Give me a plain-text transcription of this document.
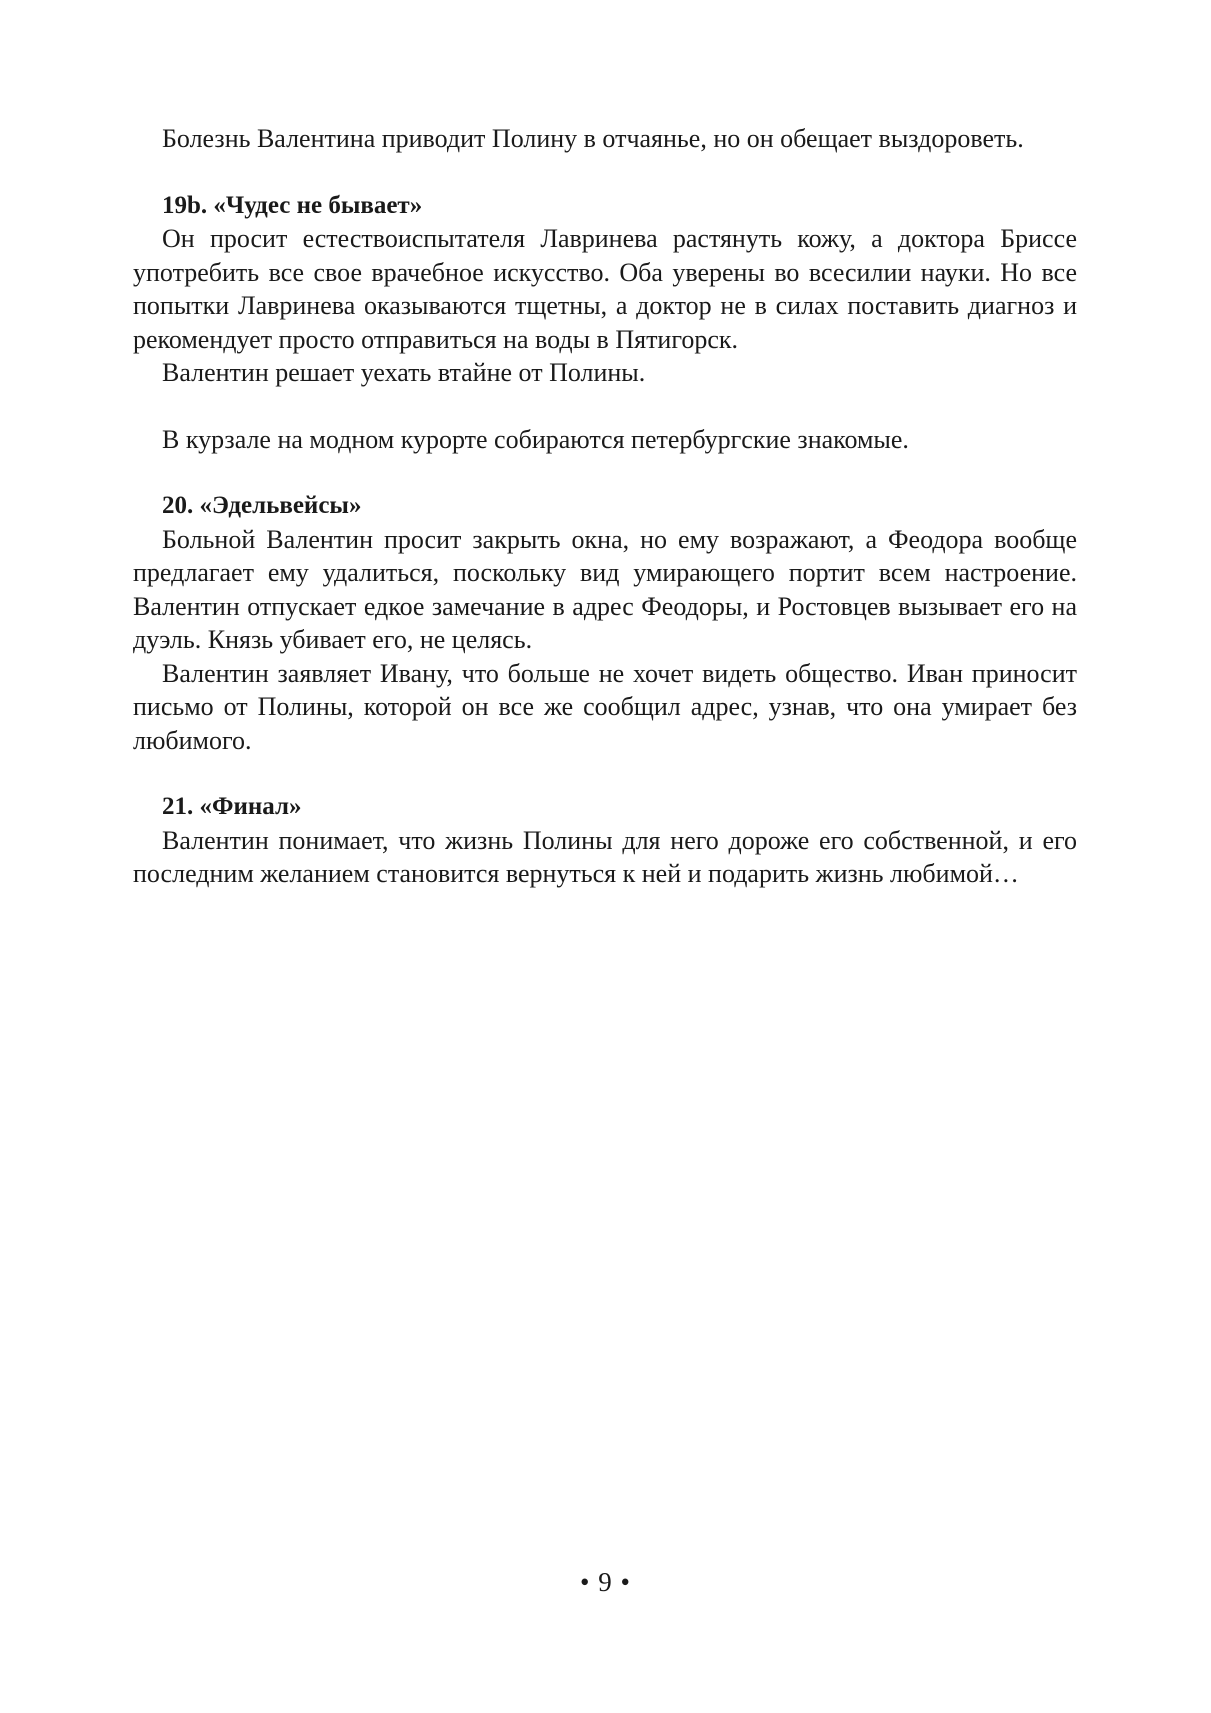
Болезнь Валентина приводит Полину в отчаянье, но он обещает выздороветь.

19b. «Чудес не бывает»

Он просит естествоиспытателя Лавринева растянуть кожу, а доктора Бриссе употребить все свое врачебное искусство. Оба уверены во всесилии науки. Но все попытки Лавринева оказываются тщетны, а доктор не в силах поставить диагноз и рекомендует просто отправиться на воды в Пятигорск.

Валентин решает уехать втайне от Полины.

В курзале на модном курорте собираются петербургские знакомые.

20. «Эдельвейсы»

Больной Валентин просит закрыть окна, но ему возражают, а Феодора вообще предлагает ему удалиться, поскольку вид умирающего портит всем настроение. Валентин отпускает едкое замечание в адрес Феодоры, и Ростовцев вызывает его на дуэль. Князь убивает его, не целясь.

Валентин заявляет Ивану, что больше не хочет видеть общество. Иван приносит письмо от Полины, которой он все же сообщил адрес, узнав, что она умирает без любимого.

21. «Финал»

Валентин понимает, что жизнь Полины для него дороже его собственной, и его последним желанием становится вернуться к ней и подарить жизнь любимой…

• 9 •
